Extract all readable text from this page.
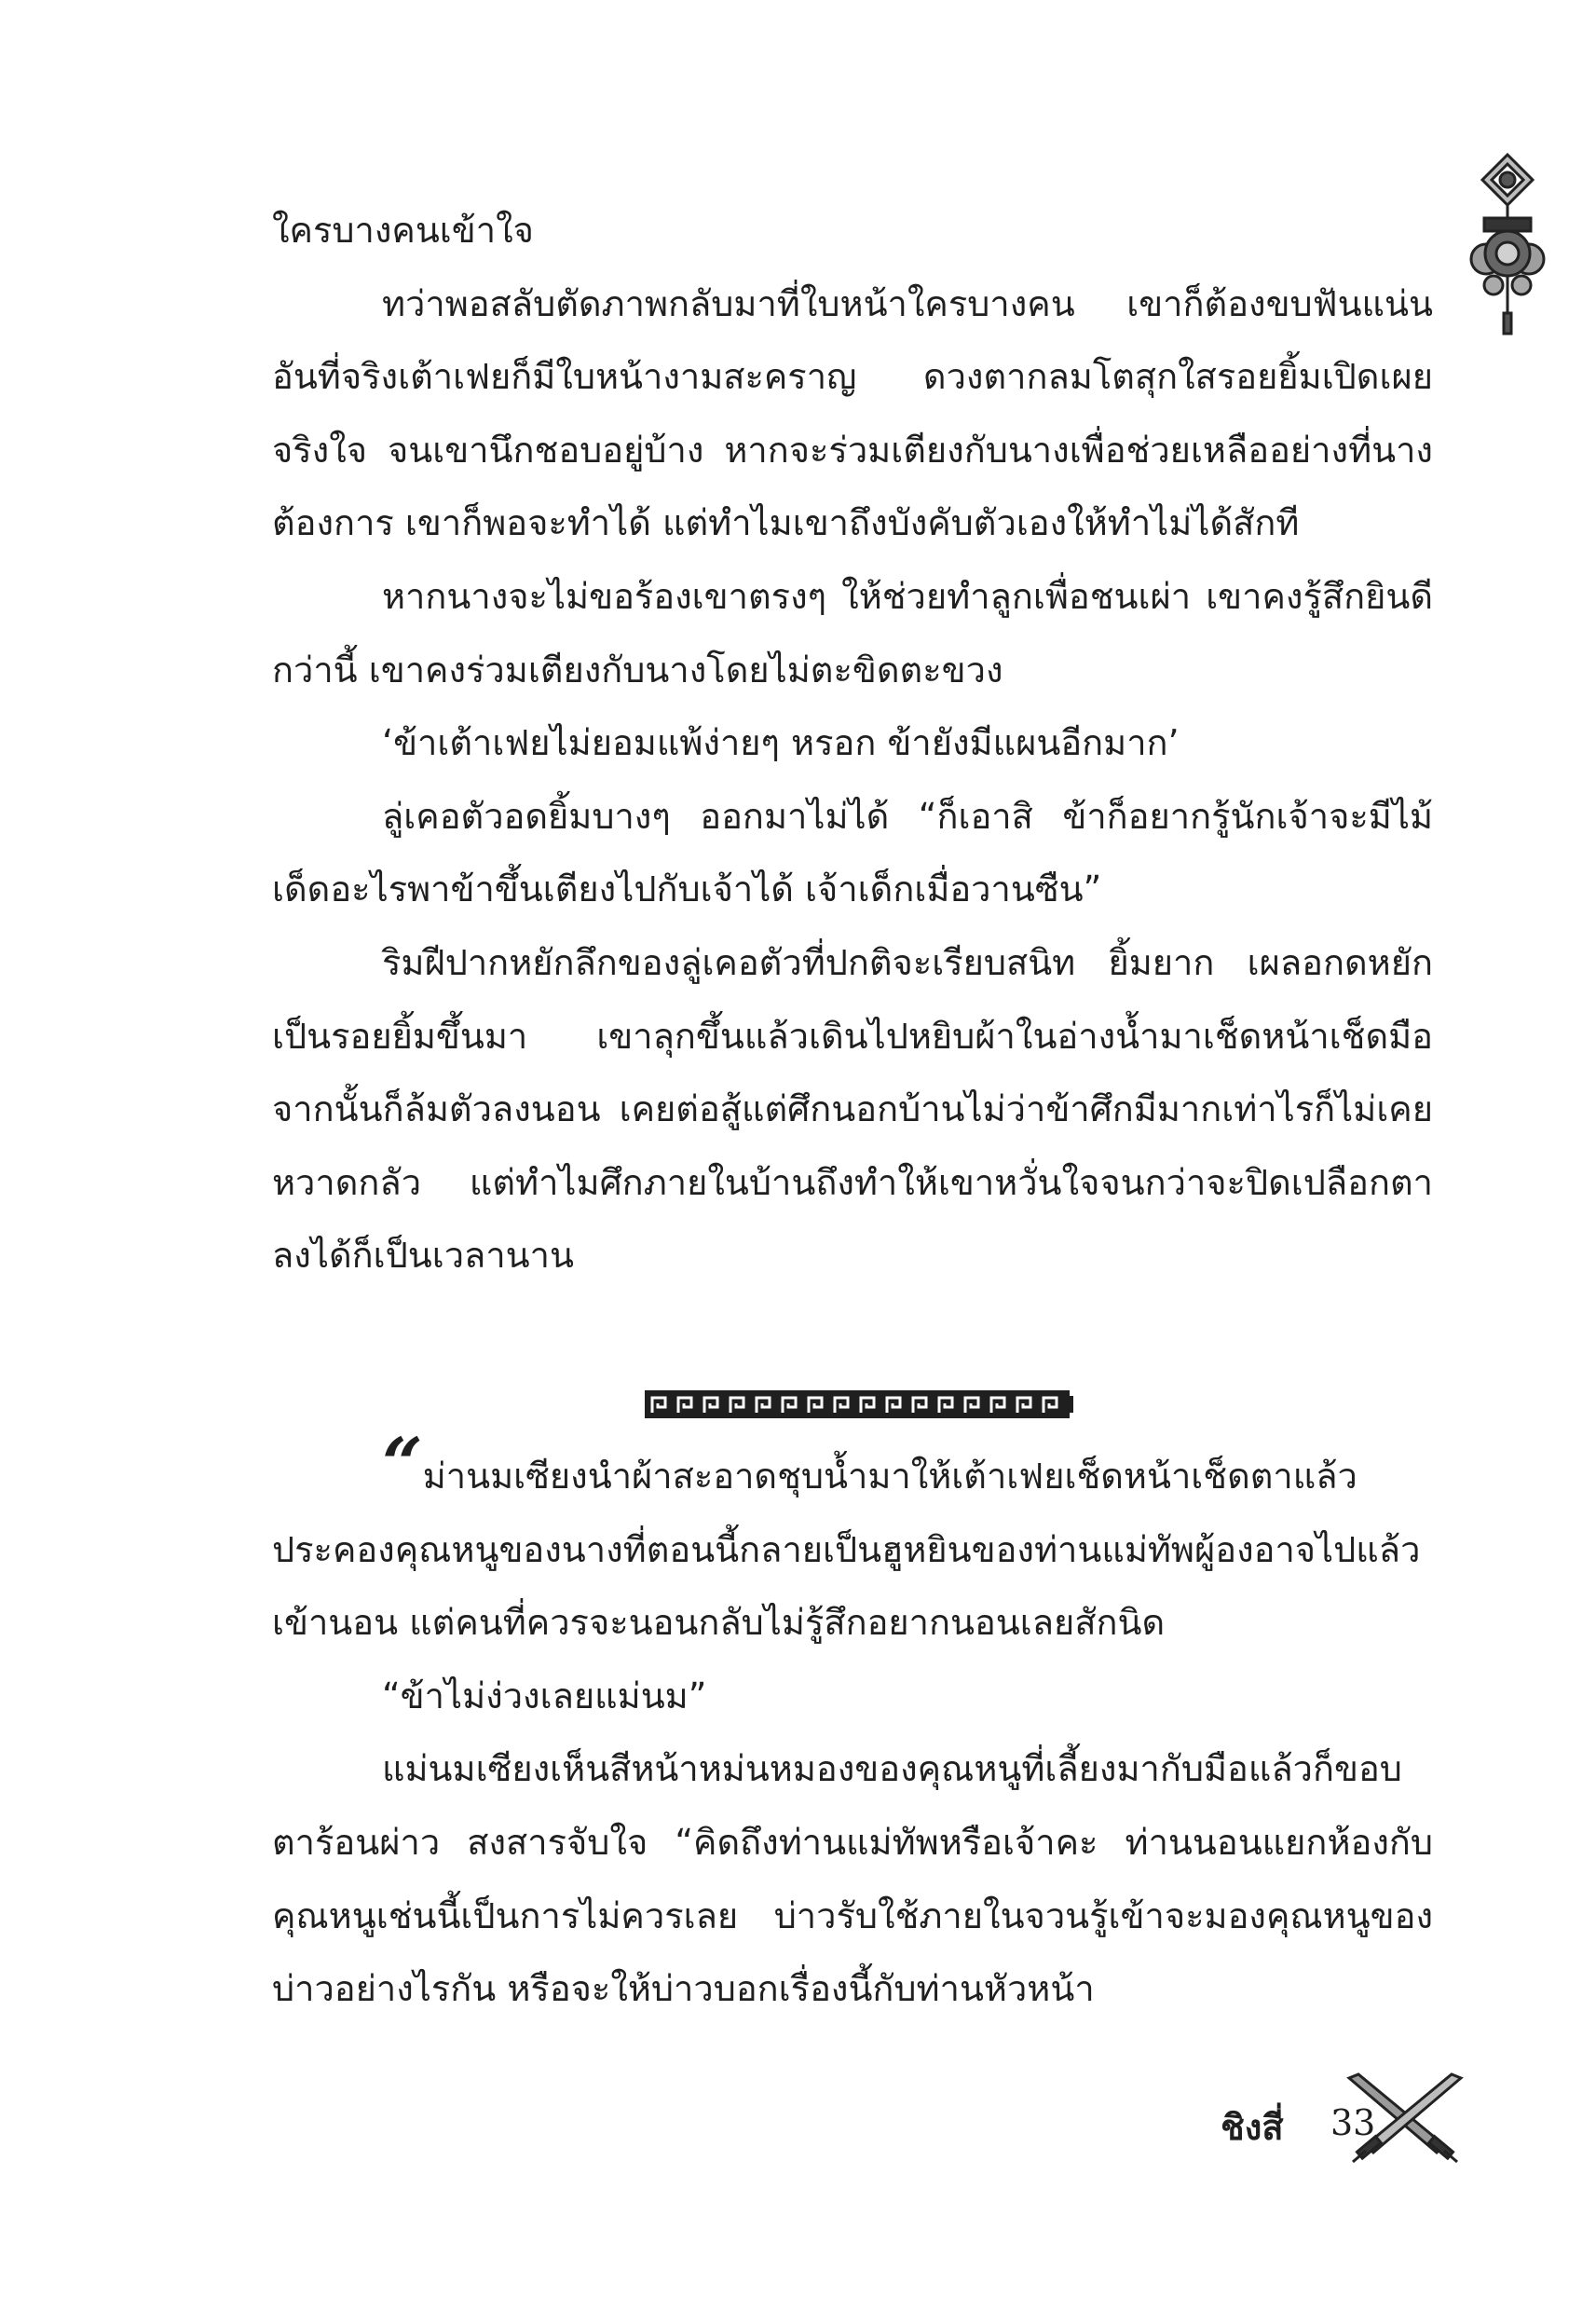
ใครบางคนเข้าใจ

ทว่าพอสลับตัดภาพกลับมาที่ใบหน้าใครบางคน เขาก็ต้องขบฟันแน่น อันที่จริงเต้าเฟยก็มีใบหน้างามสะคราญ ดวงตากลมโตสุกใสรอยยิ้มเปิดเผยจริงใจ จนเขานึกชอบอยู่บ้าง หากจะร่วมเตียงกับนางเพื่อช่วยเหลืออย่างที่นางต้องการ เขาก็พอจะทำได้ แต่ทำไมเขาถึงบังคับตัวเองให้ทำไม่ได้สักที

หากนางจะไม่ขอร้องเขาตรงๆ ให้ช่วยทำลูกเพื่อชนเผ่า เขาคงรู้สึกยินดีกว่านี้ เขาคงร่วมเตียงกับนางโดยไม่ตะขิดตะขวง

‘ข้าเต้าเฟยไม่ยอมแพ้ง่ายๆ หรอก ข้ายังมีแผนอีกมาก’

ลู่เคอตัวอดยิ้มบางๆ ออกมาไม่ได้ “ก็เอาสิ ข้าก็อยากรู้นักเจ้าจะมีไม้เด็ดอะไรพาข้าขึ้นเตียงไปกับเจ้าได้ เจ้าเด็กเมื่อวานซืน”

ริมฝีปากหยักลึกของลู่เคอตัวที่ปกติจะเรียบสนิท ยิ้มยาก เผลอกดหยักเป็นรอยยิ้มขึ้นมา เขาลุกขึ้นแล้วเดินไปหยิบผ้าในอ่างน้ำมาเช็ดหน้าเช็ดมือ จากนั้นก็ล้มตัวลงนอน เคยต่อสู้แต่ศึกนอกบ้านไม่ว่าข้าศึกมีมากเท่าไรก็ไม่เคยหวาดกลัว แต่ทำไมศึกภายในบ้านถึงทำให้เขาหวั่นใจจนกว่าจะปิดเปลือกตาลงได้ก็เป็นเวลานาน

“ ม่านมเซียงนำผ้าสะอาดชุบน้ำมาให้เต้าเฟยเช็ดหน้าเช็ดตาแล้วประคองคุณหนูของนางที่ตอนนี้กลายเป็นฮูหยินของท่านแม่ทัพผู้องอาจไปแล้วเข้านอน แต่คนที่ควรจะนอนกลับไม่รู้สึกอยากนอนเลยสักนิด

“ข้าไม่ง่วงเลยแม่นม”

แม่นมเซียงเห็นสีหน้าหม่นหมองของคุณหนูที่เลี้ยงมากับมือแล้วก็ขอบตาร้อนผ่าว สงสารจับใจ “คิดถึงท่านแม่ทัพหรือเจ้าคะ ท่านนอนแยกห้องกับคุณหนูเช่นนี้เป็นการไม่ควรเลย บ่าวรับใช้ภายในจวนรู้เข้าจะมองคุณหนูของบ่าวอย่างไรกัน หรือจะให้บ่าวบอกเรื่องนี้กับท่านหัวหน้า

ชิงสี่ 33
